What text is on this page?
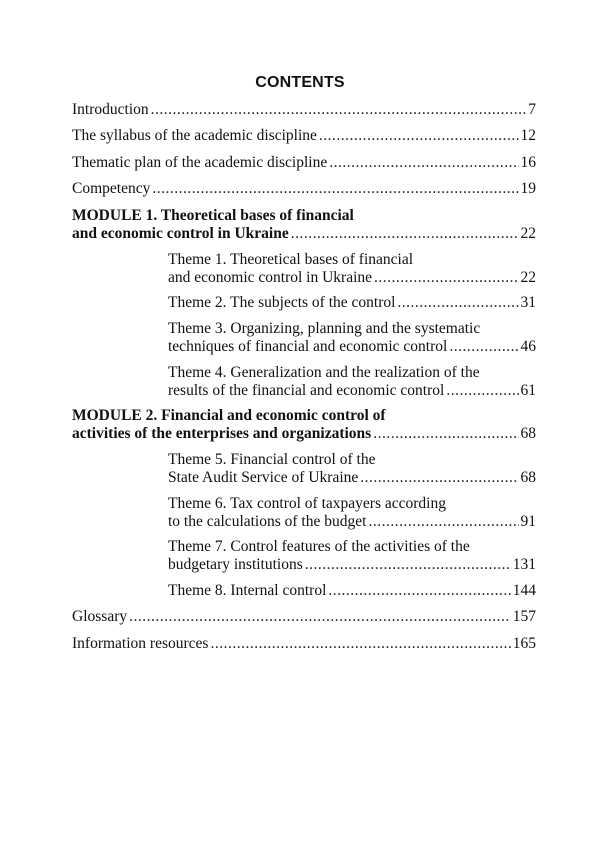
CONTENTS
Introduction .....	7
The syllabus of the academic discipline .....	12
Thematic plan of the academic discipline .....	16
Competency .....	19
MODULE 1. Theoretical bases of financial
and economic control in Ukraine .....	22
Theme 1. Theoretical bases of financial
and economic control in Ukraine .....	22
Theme 2. The subjects of the control .....	31
Theme 3. Organizing, planning and the systematic
techniques of financial and economic control .....	46
Theme 4. Generalization and the realization of the
results of the financial and economic control .....	61
MODULE 2. Financial and economic control of
activities of the enterprises and organizations .....	68
Theme 5. Financial control of the
State Audit Service of Ukraine .....	68
Theme 6. Tax control of taxpayers according
to the calculations of the budget .....	91
Theme 7. Control features of the activities of the
budgetary institutions .....	131
Theme 8. Internal control .....	144
Glossary .....	157
Information resources .....	165
